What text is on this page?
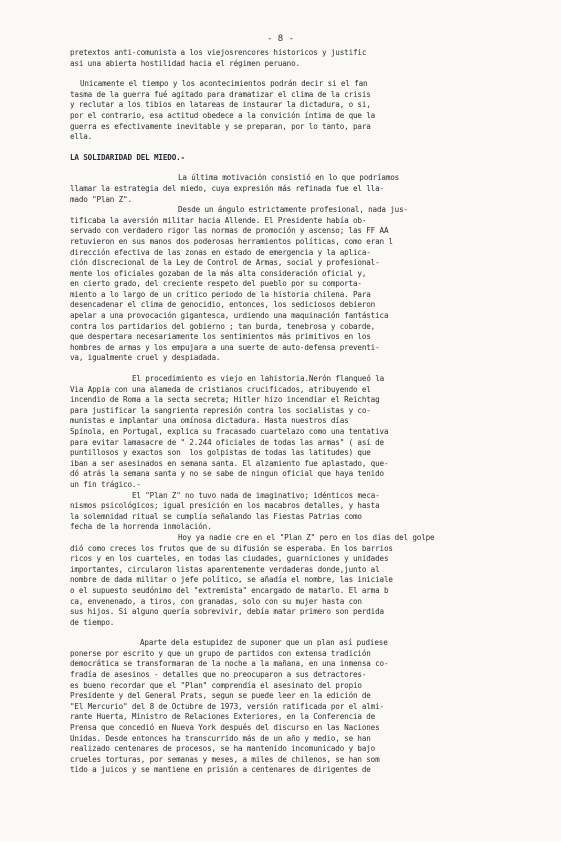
- 8 -
pretextos anti-comunista a los viejosrencores historicos y justific
asi una abierta hostilidad hacia el régimen peruano.
Unicamente el tiempo y los acontecimientos podrán decir si el fan
tasma de la guerra fué agitado para dramatizar el clima de la crisis
y reclutar a los tibios en latareas de instaurar la dictadura, o si,
por el contrario, esa actitud obedece a la convición íntima de que la
guerra es efectivamente inevitable y se preparan, por lo tanto, para
ella.
LA SOLIDARIDAD DEL MIEDO.-
La última motivación consistió en lo que podríamos
llamar la estrategia del miedo, cuya expresión más refinada fue el lla-
mado "Plan Z".
Desde un ángulo estrictamente profesional, nada jus-
tificaba la aversión militar hacia Allende. El Presidente había ob-
servado con verdadero rigor las normas de promoción y ascenso; las FF AA
retuvieron en sus manos dos poderosas herramientos políticas, como eran l
dirección efectiva de las zonas en estado de emergencia y la aplica-
ción discrecional de la Ley de Control de Armas, social y profesional-
mente los oficiales gozaban de la más alta consideración oficial y,
en cierto grado, del creciente respeto del pueblo por su comporta-
miento a lo largo de un crítico periodo de la historia chilena. Para
desencadenar el clima de genocidio, entonces, los sediciosos debieron
apelar a una provocación gigantesca, urdiendo una maquinación fantástica
contra los partidarios del gobierno ; tan burda, tenebrosa y cobarde,
que despertara necesariamente los sentimientos más primitivos en los
hombres de armas y los empujara a una suerte de auto-defensa preventi-
va, igualmente cruel y despiadada.
El procedimiento es viejo en lahistoria.Nerón flanqueó la
Via Appia con una alameda de cristianos crucificados, atribuyendo el
incendio de Roma a la secta secreta; Hitler hizo incendiar el Reichtag
para justificar la sangrienta represión contra los socialistas y co-
munistas e implantar una omínosa dictadura. Hasta nuestros días
Spínola, en Portugal, explica su fracasado cuartelazo como una tentativa
para evitar lamasacre de " 2.244 oficiales de todas las armas" ( así de
puntillosos y exactos son  los golpistas de todas las latitudes) que
iban a ser asesinados en semana santa. El alzamiento fue aplastado, que-
dó atrás la semana santa y no se sabe de ningun oficial que haya tenido
un fin trágico.-
El "Plan Z" no tuvo nada de imaginativo; idénticos meca-
nismos psicológicos; igual presición en los macabros detalles, y hasta
la solemnidad ritual se cumplía señalando las Fiestas Patrias como
fecha de la horrenda inmolación.
Hoy ya nadie cre en el "Plan Z" pero en los días del golpe
dió como creces los frutos que de su difusión se esperaba. En los barrios
ricos y en los cuarteles, en todas las ciudades, guarniciones y unidades
importantes, circularon listas aparentemente verdaderas donde,junto al
nombre de dada militar o jefe político, se añadía el nombre, las iniciale
o el supuesto seudónimo del "extremista" encargado de matarlo. El arma b
ca, envenenado, a tiros, con granadas, solo con su mujer hasta con
sus hijos. Si alguno quería sobrevivir, debía matar primero son perdida
de tiempo.
Aparte dela estupidez de suponer que un plan así pudiese
ponerse por escrito y que un grupo de partidos con extensa tradición
democrática se transformaran de la noche a la mañana, en una inmensa co-
fradía de asesinos - detalles que no preocuparon a sus detractores-
es bueno recordar que el "Plan" comprendía el asesinato del propio
Presidente y del General Prats, segun se puede leer en la edición de
"El Mercurio" del 8 de Octubre de 1973, versión ratificada por el almi-
rante Huerta, Ministro de Relaciones Exteriores, en la Conferencia de
Prensa que concedió en Nueva York después del discurso en las Naciones
Unidas. Desde entonces ha transcurrido más de un año y medio, se han
realizado centenares de procesos, se ha mantenido incomunicado y bajo
crueles torturas, por semanas y meses, a miles de chilenos, se han som
tido a juicos y se mantiene en prisión a centenares de dirigentes de
